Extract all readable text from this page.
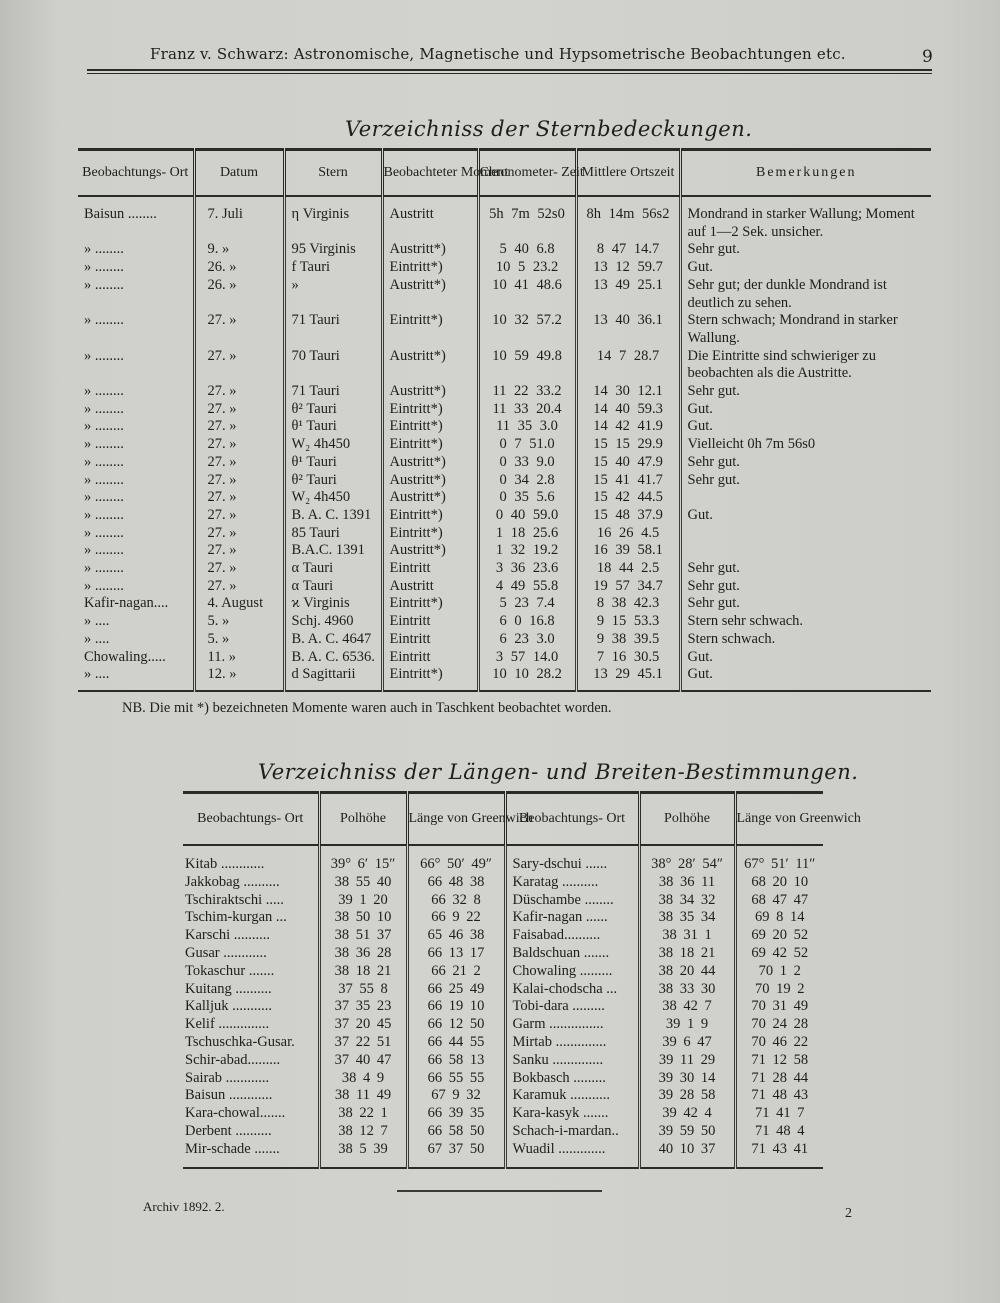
Franz v. Schwarz: Astronomische, Magnetische und Hypsometrische Beobachtungen etc.	9
Verzeichniss der Sternbedeckungen.
Beobachtungs- Ort	Datum	Stern	Beobachteter Moment	Chronometer- Zeit	Mittlere Ortszeit	Bemerkungen
Baisun ........	7. Juli	η Virginis	Austritt	5h 7m 52s0	8h 14m 56s2	Mondrand in starker Wallung; Moment auf 1—2 Sek. unsicher.
» ........	9. »	95 Virginis	Austritt*)	5 40 6.8	8 47 14.7	Sehr gut.
» ........	26. »	f Tauri	Eintritt*)	10 5 23.2	13 12 59.7	Gut.
» ........	26. »	»	Austritt*)	10 41 48.6	13 49 25.1	Sehr gut; der dunkle Mondrand ist deutlich zu sehen.
» ........	27. »	71 Tauri	Eintritt*)	10 32 57.2	13 40 36.1	Stern schwach; Mondrand in starker Wallung.
» ........	27. »	70 Tauri	Austritt*)	10 59 49.8	14 7 28.7	Die Eintritte sind schwieriger zu beobachten als die Austritte.
» ........	27. »	71 Tauri	Austritt*)	11 22 33.2	14 30 12.1	Sehr gut.
» ........	27. »	θ² Tauri	Eintritt*)	11 33 20.4	14 40 59.3	Gut.
» ........	27. »	θ¹ Tauri	Eintritt*)	11 35 3.0	14 42 41.9	Gut.
» ........	27. »	W₂ 4h450	Eintritt*)	0 7 51.0	15 15 29.9	Vielleicht 0h 7m 56s0
» ........	27. »	θ¹ Tauri	Austritt*)	0 33 9.0	15 40 47.9	Sehr gut.
» ........	27. »	θ² Tauri	Austritt*)	0 34 2.8	15 41 41.7	Sehr gut.
» ........	27. »	W₂ 4h450	Austritt*)	0 35 5.6	15 42 44.5	
» ........	27. »	B. A. C. 1391	Eintritt*)	0 40 59.0	15 48 37.9	Gut.
» ........	27. »	85 Tauri	Eintritt*)	1 18 25.6	16 26 4.5	
» ........	27. »	B.A.C. 1391	Austritt*)	1 32 19.2	16 39 58.1	
» ........	27. »	α Tauri	Eintritt	3 36 23.6	18 44 2.5	Sehr gut.
» ........	27. »	α Tauri	Austritt	4 49 55.8	19 57 34.7	Sehr gut.
Kafir-nagan....	4. August	ϰ Virginis	Eintritt*)	5 23 7.4	8 38 42.3	Sehr gut.
» ....	5. »	Schj. 4960	Eintritt	6 0 16.8	9 15 53.3	Stern sehr schwach.
» ....	5. »	B. A. C. 4647	Eintritt	6 23 3.0	9 38 39.5	Stern schwach.
Chowaling.....	11. »	B. A. C. 6536.	Eintritt	3 57 14.0	7 16 30.5	Gut.
» ....	12. »	d Sagittarii	Eintritt*)	10 10 28.2	13 29 45.1	Gut.
NB. Die mit *) bezeichneten Momente waren auch in Taschkent beobachtet worden.
Verzeichniss der Längen- und Breiten-Bestimmungen.
Beobachtungs- Ort	Polhöhe	Länge von Greenwich	Beobachtungs- Ort	Polhöhe	Länge von Greenwich
Kitab ............	39° 6′ 15″	66° 50′ 49″	Sary-dschui ......	38° 28′ 54″	67° 51′ 11″
Jakkobag ..........	38 55 40	66 48 38	Karatag ..........	38 36 11	68 20 10
Tschiraktschi .....	39 1 20	66 32 8	Düschambe ........	38 34 32	68 47 47
Tschim-kurgan ...	38 50 10	66 9 22	Kafir-nagan ......	38 35 34	69 8 14
Karschi ..........	38 51 37	65 46 38	Faisabad..........	38 31 1	69 20 52
Gusar ............	38 36 28	66 13 17	Baldschuan .......	38 18 21	69 42 52
Tokaschur .......	38 18 21	66 21 2	Chowaling .........	38 20 44	70 1 2
Kuitang ..........	37 55 8	66 25 49	Kalai-chodscha ...	38 33 30	70 19 2
Kalljuk ...........	37 35 23	66 19 10	Tobi-dara .........	38 42 7	70 31 49
Kelif ..............	37 20 45	66 12 50	Garm ...............	39 1 9	70 24 28
Tschuschka-Gusar.	37 22 51	66 44 55	Mirtab ..............	39 6 47	70 46 22
Schir-abad.........	37 40 47	66 58 13	Sanku ..............	39 11 29	71 12 58
Sairab ............	38 4 9	66 55 55	Bokbasch .........	39 30 14	71 28 44
Baisun ............	38 11 49	67 9 32	Karamuk ...........	39 28 58	71 48 43
Kara-chowal.......	38 22 1	66 39 35	Kara-kasyk .......	39 42 4	71 41 7
Derbent ..........	38 12 7	66 58 50	Schach-i-mardan..	39 59 50	71 48 4
Mir-schade .......	38 5 39	67 37 50	Wuadil .............	40 10 37	71 43 41
Archiv 1892. 2.	2
